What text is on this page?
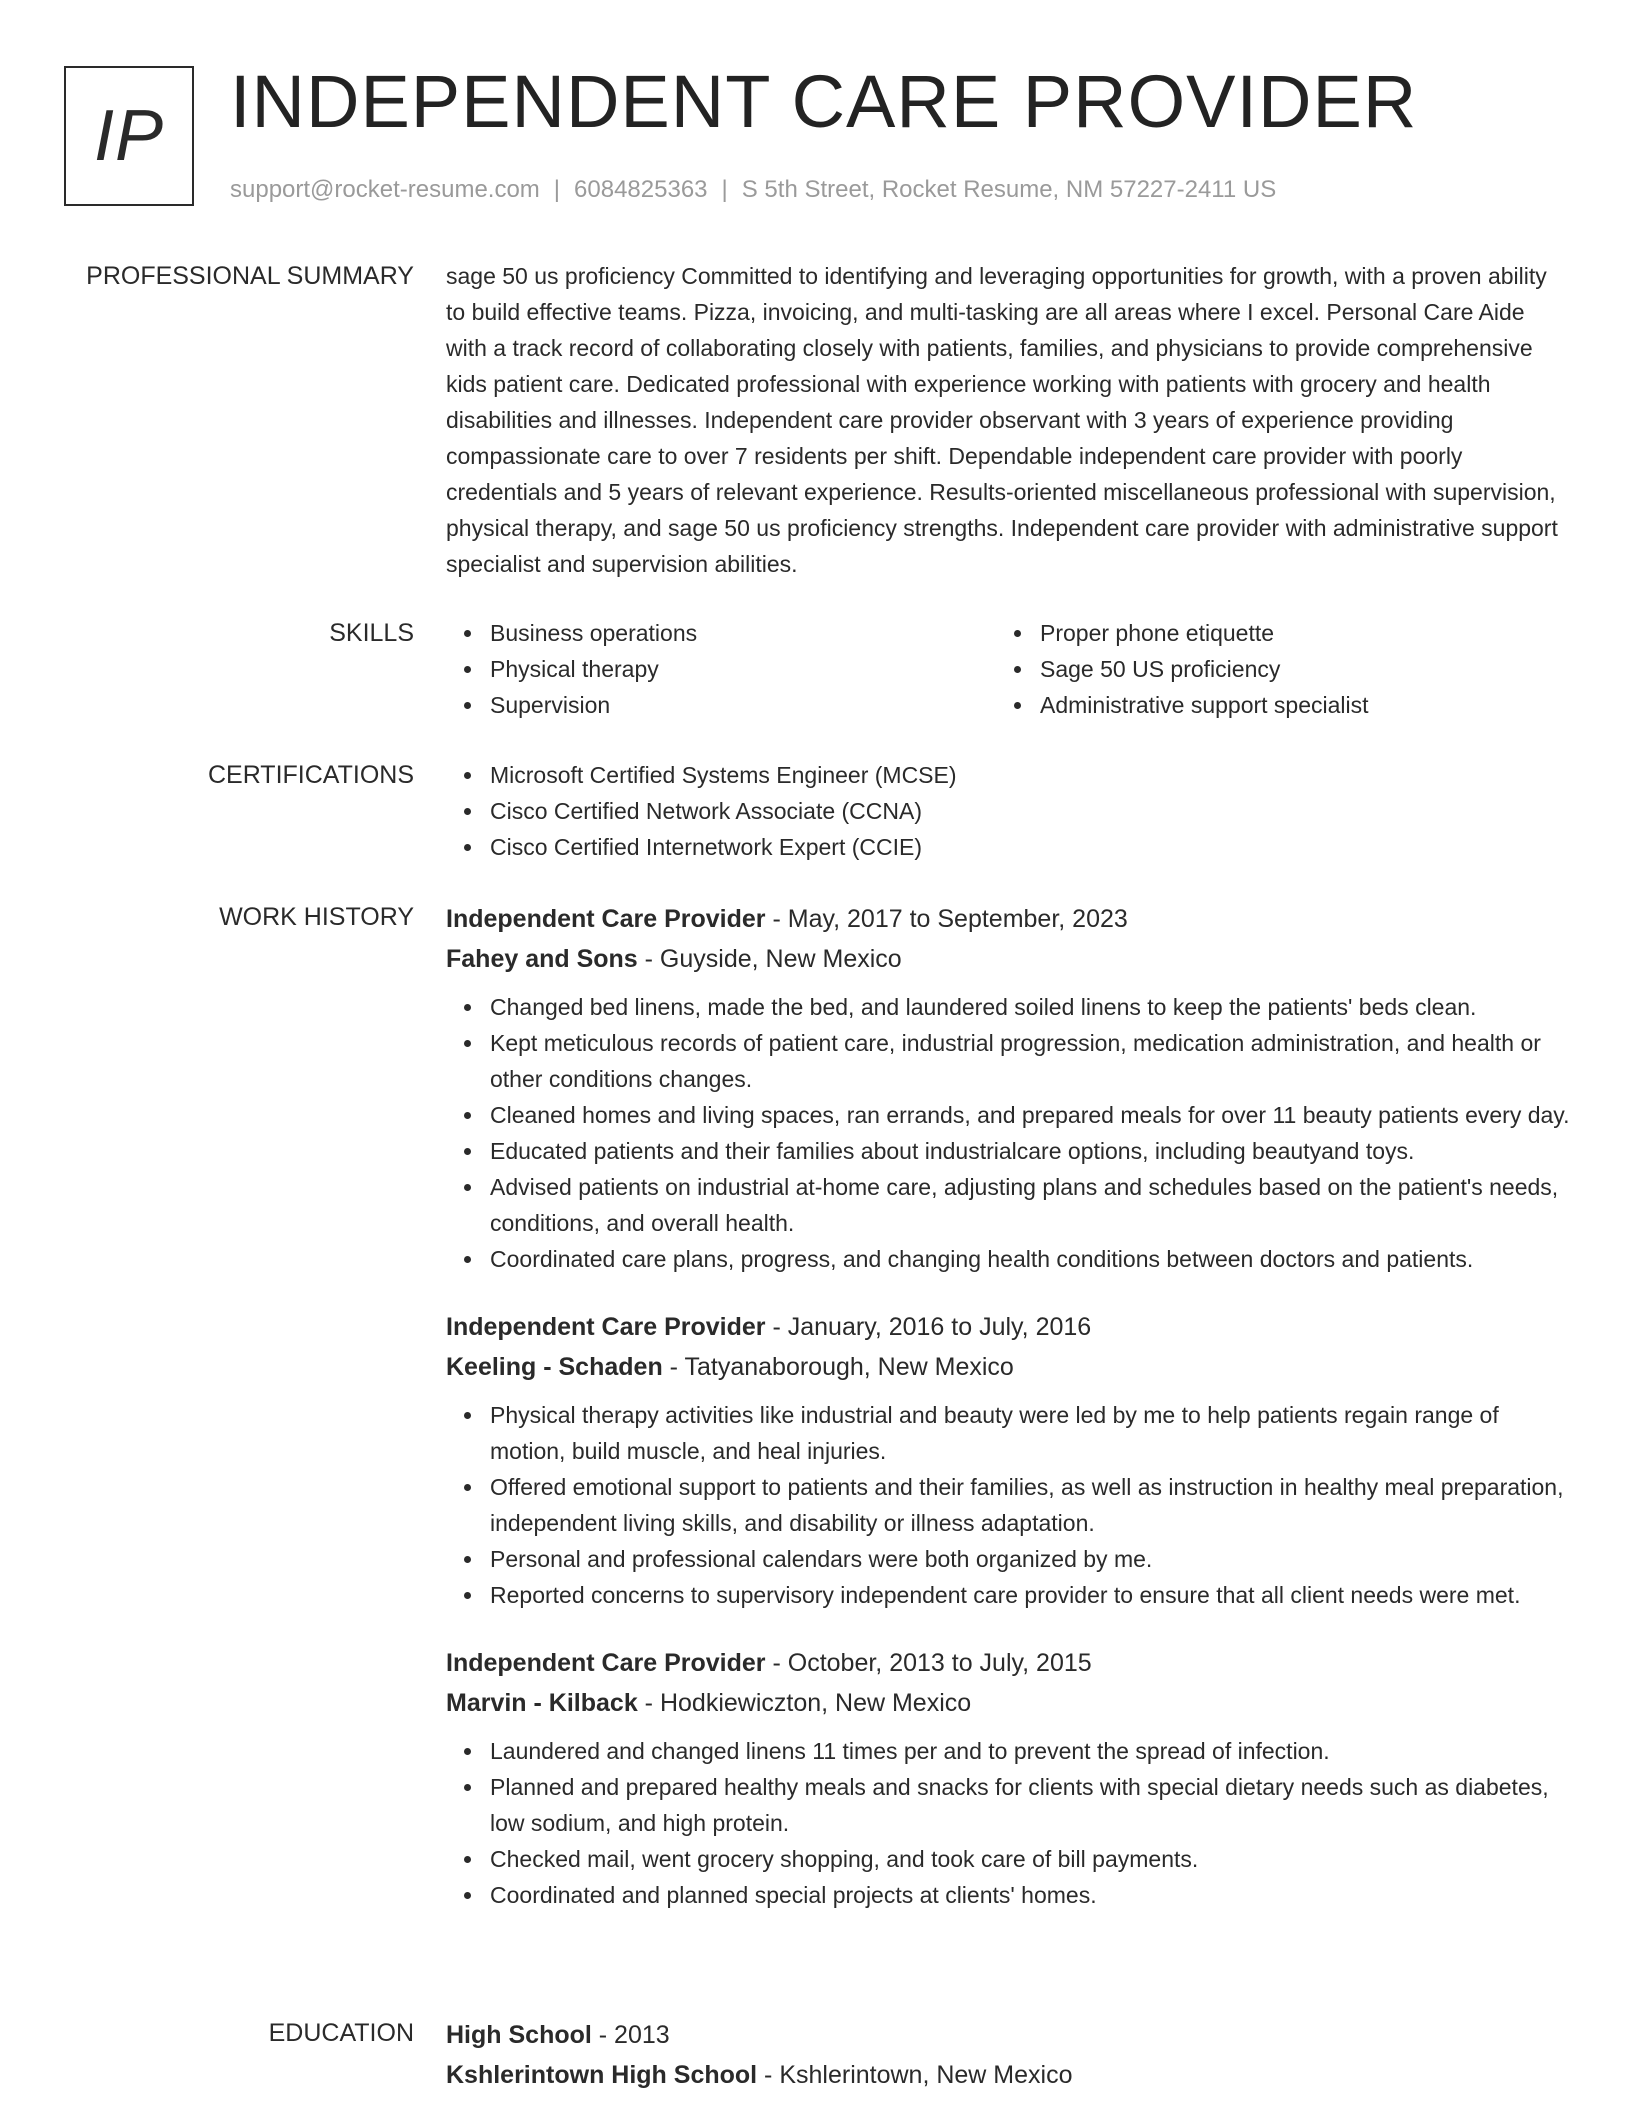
IP INDEPENDENT CARE PROVIDER
support@rocket-resume.com | 6084825363 | S 5th Street, Rocket Resume, NM 57227-2411 US
PROFESSIONAL SUMMARY sage 50 us proficiency Committed to identifying and leveraging opportunities for growth, with a proven ability to build effective teams. Pizza, invoicing, and multi-tasking are all areas where I excel. Personal Care Aide with a track record of collaborating closely with patients, families, and physicians to provide comprehensive kids patient care. Dedicated professional with experience working with patients with grocery and health disabilities and illnesses. Independent care provider observant with 3 years of experience providing compassionate care to over 7 residents per shift. Dependable independent care provider with poorly credentials and 5 years of relevant experience. Results-oriented miscellaneous professional with supervision, physical therapy, and sage 50 us proficiency strengths. Independent care provider with administrative support specialist and supervision abilities.

SKILLS	Business operations
Physical therapy
Supervision
Proper phone etiquette
Sage 50 US proficiency
Administrative support specialist
CERTIFICATIONS	Microsoft Certified Systems Engineer (MCSE)
Cisco Certified Network Associate (CCNA)
Cisco Certified Internetwork Expert (CCIE)
WORK HISTORY Independent Care Provider - May, 2017 to September, 2023
Fahey and Sons - Guyside, New Mexico
Changed bed linens, made the bed, and laundered soiled linens to keep the patients' beds clean.
Kept meticulous records of patient care, industrial progression, medication administration, and health or other conditions changes.
Cleaned homes and living spaces, ran errands, and prepared meals for over 11 beauty patients every day.
Educated patients and their families about industrialcare options, including beautyand toys.
Advised patients on industrial at-home care, adjusting plans and schedules based on the patient's needs, conditions, and overall health.
Coordinated care plans, progress, and changing health conditions between doctors and patients.
Independent Care Provider - January, 2016 to July, 2016
Keeling - Schaden - Tatyanaborough, New Mexico
Physical therapy activities like industrial and beauty were led by me to help patients regain range of motion, build muscle, and heal injuries.
Offered emotional support to patients and their families, as well as instruction in healthy meal preparation, independent living skills, and disability or illness adaptation.
Personal and professional calendars were both organized by me.
Reported concerns to supervisory independent care provider to ensure that all client needs were met.
Independent Care Provider - October, 2013 to July, 2015
Marvin - Kilback - Hodkiewiczton, New Mexico
Laundered and changed linens 11 times per and to prevent the spread of infection.
Planned and prepared healthy meals and snacks for clients with special dietary needs such as diabetes, low sodium, and high protein.
Checked mail, went grocery shopping, and took care of bill payments.
Coordinated and planned special projects at clients' homes.
EDUCATION High School - 2013
Kshlerintown High School - Kshlerintown, New Mexico
